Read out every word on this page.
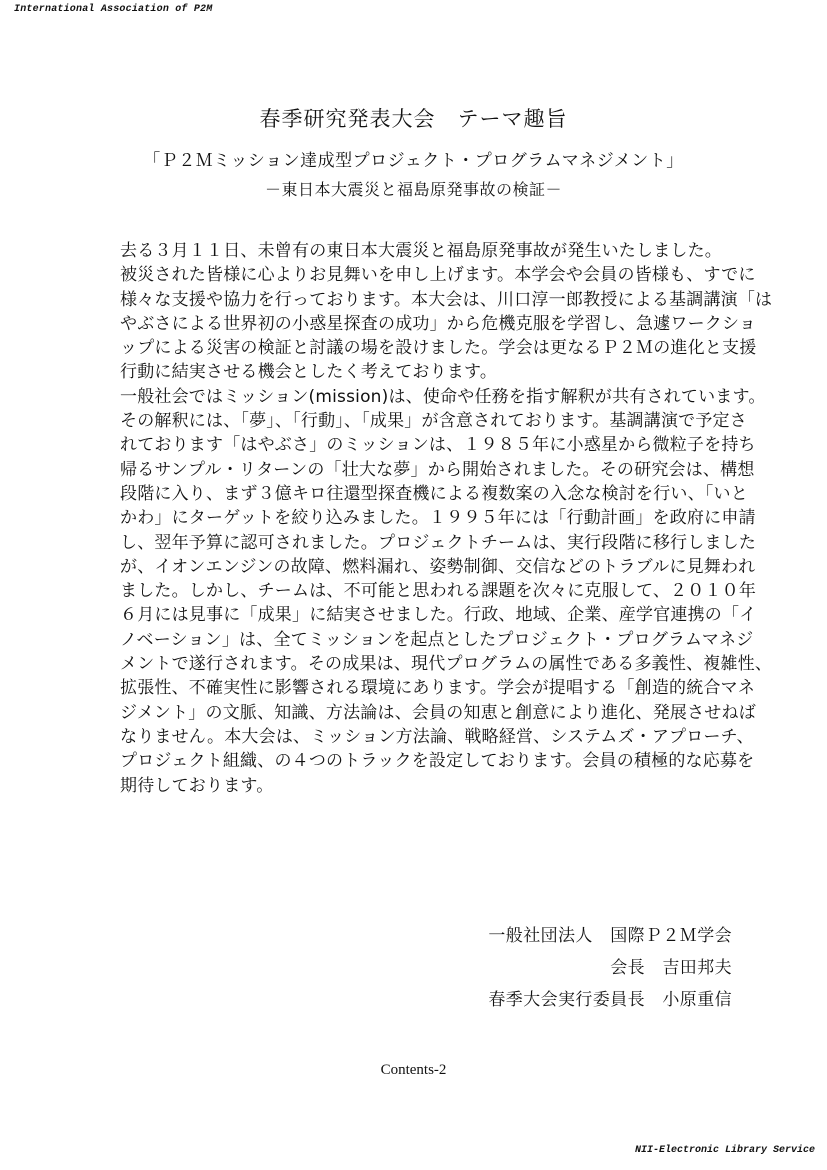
International Association of P2M
春季研究発表大会　テーマ趣旨
「Ｐ２Ｍミッション達成型プロジェクト・プログラムマネジメント」
－東日本大震災と福島原発事故の検証－
去る３月１１日、未曾有の東日本大震災と福島原発事故が発生いたしました。
被災された皆様に心よりお見舞いを申し上げます。本学会や会員の皆様も、すでに
様々な支援や協力を行っております。本大会は、川口淳一郎教授による基調講演「は
やぶさによる世界初の小惑星探査の成功」から危機克服を学習し、急遽ワークショ
ップによる災害の検証と討議の場を設けました。学会は更なるＰ２Ｍの進化と支援
行動に結実させる機会としたく考えております。
一般社会ではミッション(mission)は、使命や任務を指す解釈が共有されています。
その解釈には、「夢」、「行動」、「成果」が含意されております。基調講演で予定さ
れております「はやぶさ」のミッションは、１９８５年に小惑星から微粒子を持ち
帰るサンプル・リターンの「壮大な夢」から開始されました。その研究会は、構想
段階に入り、まず３億キロ往還型探査機による複数案の入念な検討を行い、「いと
かわ」にターゲットを絞り込みました。１９９５年には「行動計画」を政府に申請
し、翌年予算に認可されました。プロジェクトチームは、実行段階に移行しました
が、イオンエンジンの故障、燃料漏れ、姿勢制御、交信などのトラブルに見舞われ
ました。しかし、チームは、不可能と思われる課題を次々に克服して、２０１０年
６月には見事に「成果」に結実させました。行政、地域、企業、産学官連携の「イ
ノベーション」は、全てミッションを起点としたプロジェクト・プログラムマネジ
メントで遂行されます。その成果は、現代プログラムの属性である多義性、複雑性、
拡張性、不確実性に影響される環境にあります。学会が提唱する「創造的統合マネ
ジメント」の文脈、知識、方法論は、会員の知恵と創意により進化、発展させねば
なりません。本大会は、ミッション方法論、戦略経営、システムズ・アプローチ、
プロジェクト組織、の４つのトラックを設定しております。会員の積極的な応募を
期待しております。
一般社団法人　国際Ｐ２Ｍ学会
会長　吉田邦夫
春季大会実行委員長　小原重信
Contents-2
NII-Electronic Library Service
